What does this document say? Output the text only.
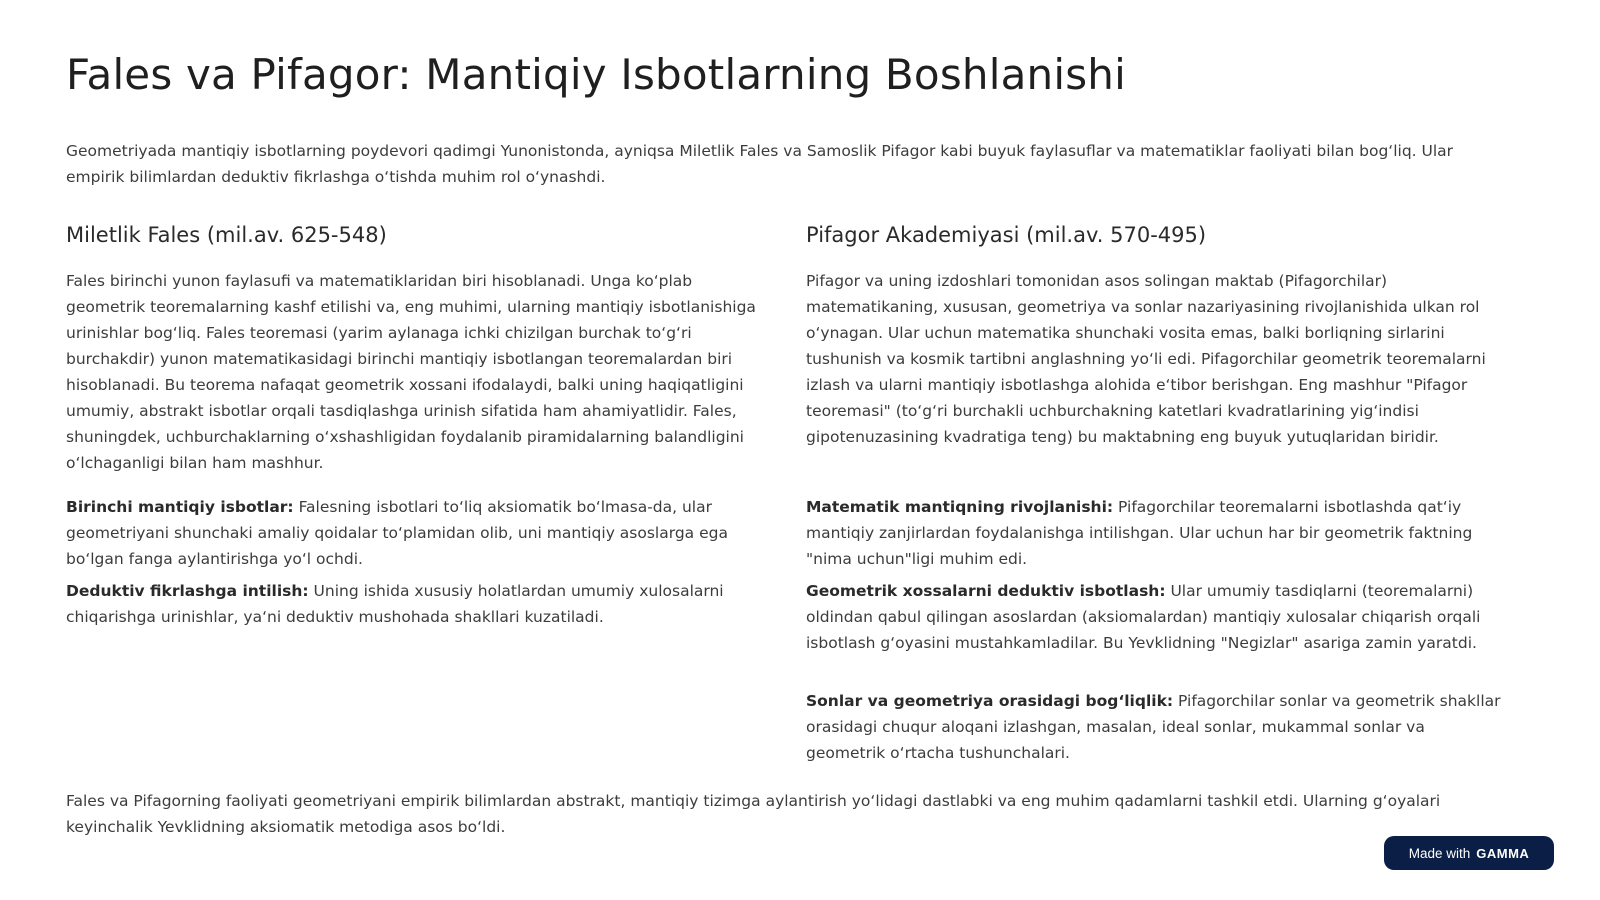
Fales va Pifagor: Mantiqiy Isbotlarning Boshlanishi

Geometriyada mantiqiy isbotlarning poydevori qadimgi Yunonistonda, ayniqsa Miletlik Fales va Samoslik Pifagor kabi buyuk faylasuflar va matematiklar faoliyati bilan bog‘liq. Ular empirik bilimlardan deduktiv fikrlashga o‘tishda muhim rol o‘ynashdi.

Miletlik Fales (mil.av. 625-548)

Fales birinchi yunon faylasufi va matematiklaridan biri hisoblanadi. Unga ko‘plab geometrik teoremalarning kashf etilishi va, eng muhimi, ularning mantiqiy isbotlanishiga urinishlar bog‘liq. Fales teoremasi (yarim aylanaga ichki chizilgan burchak to‘g‘ri burchakdir) yunon matematikasidagi birinchi mantiqiy isbotlangan teoremalardan biri hisoblanadi. Bu teorema nafaqat geometrik xossani ifodalaydi, balki uning haqiqatligini umumiy, abstrakt isbotlar orqali tasdiqlashga urinish sifatida ham ahamiyatlidir. Fales, shuningdek, uchburchaklarning o‘xshashligidan foydalanib piramidalarning balandligini o‘lchaganligi bilan ham mashhur.

Birinchi mantiqiy isbotlar: Falesning isbotlari to‘liq aksiomatik bo‘lmasa-da, ular geometriyani shunchaki amaliy qoidalar to‘plamidan olib, uni mantiqiy asoslarga ega bo‘lgan fanga aylantirishga yo‘l ochdi.

Deduktiv fikrlashga intilish: Uning ishida xususiy holatlardan umumiy xulosalarni chiqarishga urinishlar, ya‘ni deduktiv mushohada shakllari kuzatiladi.

Pifagor Akademiyasi (mil.av. 570-495)

Pifagor va uning izdoshlari tomonidan asos solingan maktab (Pifagorchilar) matematikaning, xususan, geometriya va sonlar nazariyasining rivojlanishida ulkan rol o‘ynagan. Ular uchun matematika shunchaki vosita emas, balki borliqning sirlarini tushunish va kosmik tartibni anglashning yo‘li edi. Pifagorchilar geometrik teoremalarni izlash va ularni mantiqiy isbotlashga alohida e‘tibor berishgan. Eng mashhur "Pifagor teoremasi" (to‘g‘ri burchakli uchburchakning katetlari kvadratlarining yig‘indisi gipotenuzasining kvadratiga teng) bu maktabning eng buyuk yutuqlaridan biridir.

Matematik mantiqning rivojlanishi: Pifagorchilar teoremalarni isbotlashda qat‘iy mantiqiy zanjirlardan foydalanishga intilishgan. Ular uchun har bir geometrik faktning "nima uchun"ligi muhim edi.

Geometrik xossalarni deduktiv isbotlash: Ular umumiy tasdiqlarni (teoremalarni) oldindan qabul qilingan asoslardan (aksiomalardan) mantiqiy xulosalar chiqarish orqali isbotlash g‘oyasini mustahkamladilar. Bu Yevklidning "Negizlar" asariga zamin yaratdi.

Sonlar va geometriya orasidagi bog‘liqlik: Pifagorchilar sonlar va geometrik shakllar orasidagi chuqur aloqani izlashgan, masalan, ideal sonlar, mukammal sonlar va geometrik o‘rtacha tushunchalari.

Fales va Pifagorning faoliyati geometriyani empirik bilimlardan abstrakt, mantiqiy tizimga aylantirish yo‘lidagi dastlabki va eng muhim qadamlarni tashkil etdi. Ularning g‘oyalari keyinchalik Yevklidning aksiomatik metodiga asos bo‘ldi.

Made with GAMMA
